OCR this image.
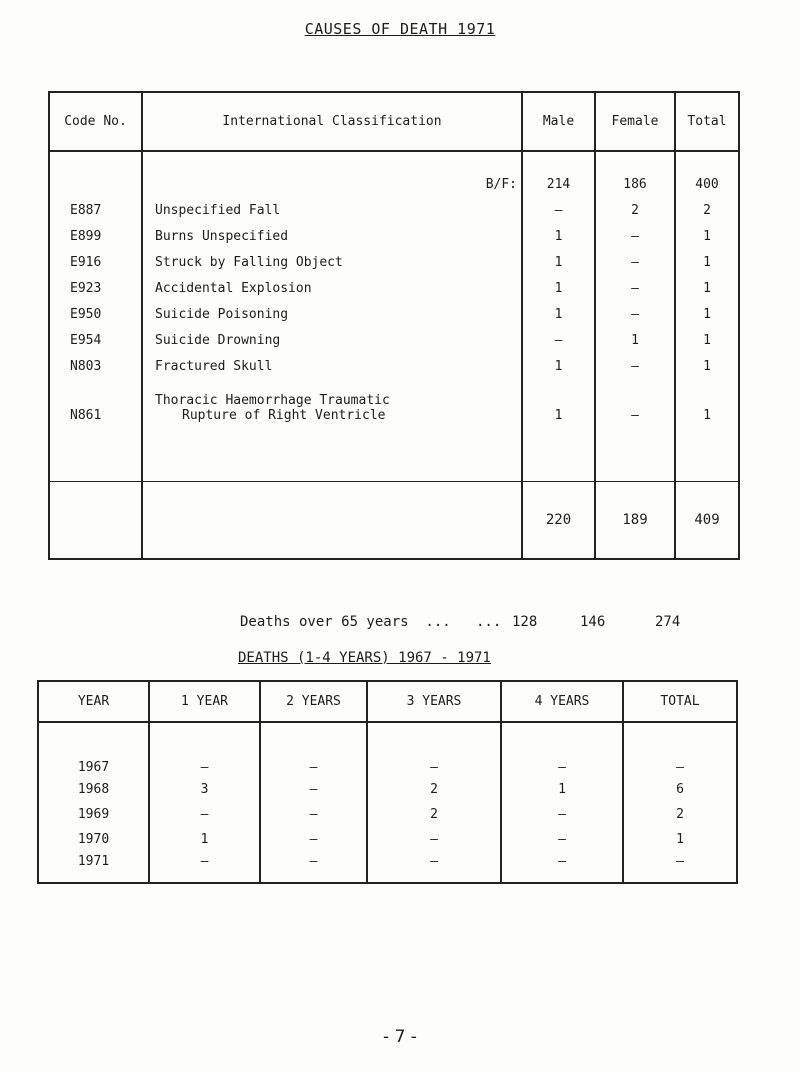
CAUSES OF DEATH 1971
Code No.	International Classification	Male	Female	Total
	B/F:	214	186	400
E887	Unspecified Fall	–	2	2
E899	Burns Unspecified	1	–	1
E916	Struck by Falling Object	1	–	1
E923	Accidental Explosion	1	–	1
E950	Suicide Poisoning	1	–	1
E954	Suicide Drowning	–	1	1
N803	Fractured Skull	1	–	1
N861	Thoracic Haemorrhage Traumatic
Rupture of Right Ventricle	1	–	1

		220	189	409
Deaths over 65 years  ...   ... 128	146	274
DEATHS (1-4 YEARS) 1967 - 1971
YEAR	1 YEAR	2 YEARS	3 YEARS	4 YEARS	TOTAL
1967	–	–	–	–	–
1968	3	–	2	1	6
1969	–	–	2	–	2
1970	1	–	–	–	1
1971	–	–	–	–	–
- 7 -
